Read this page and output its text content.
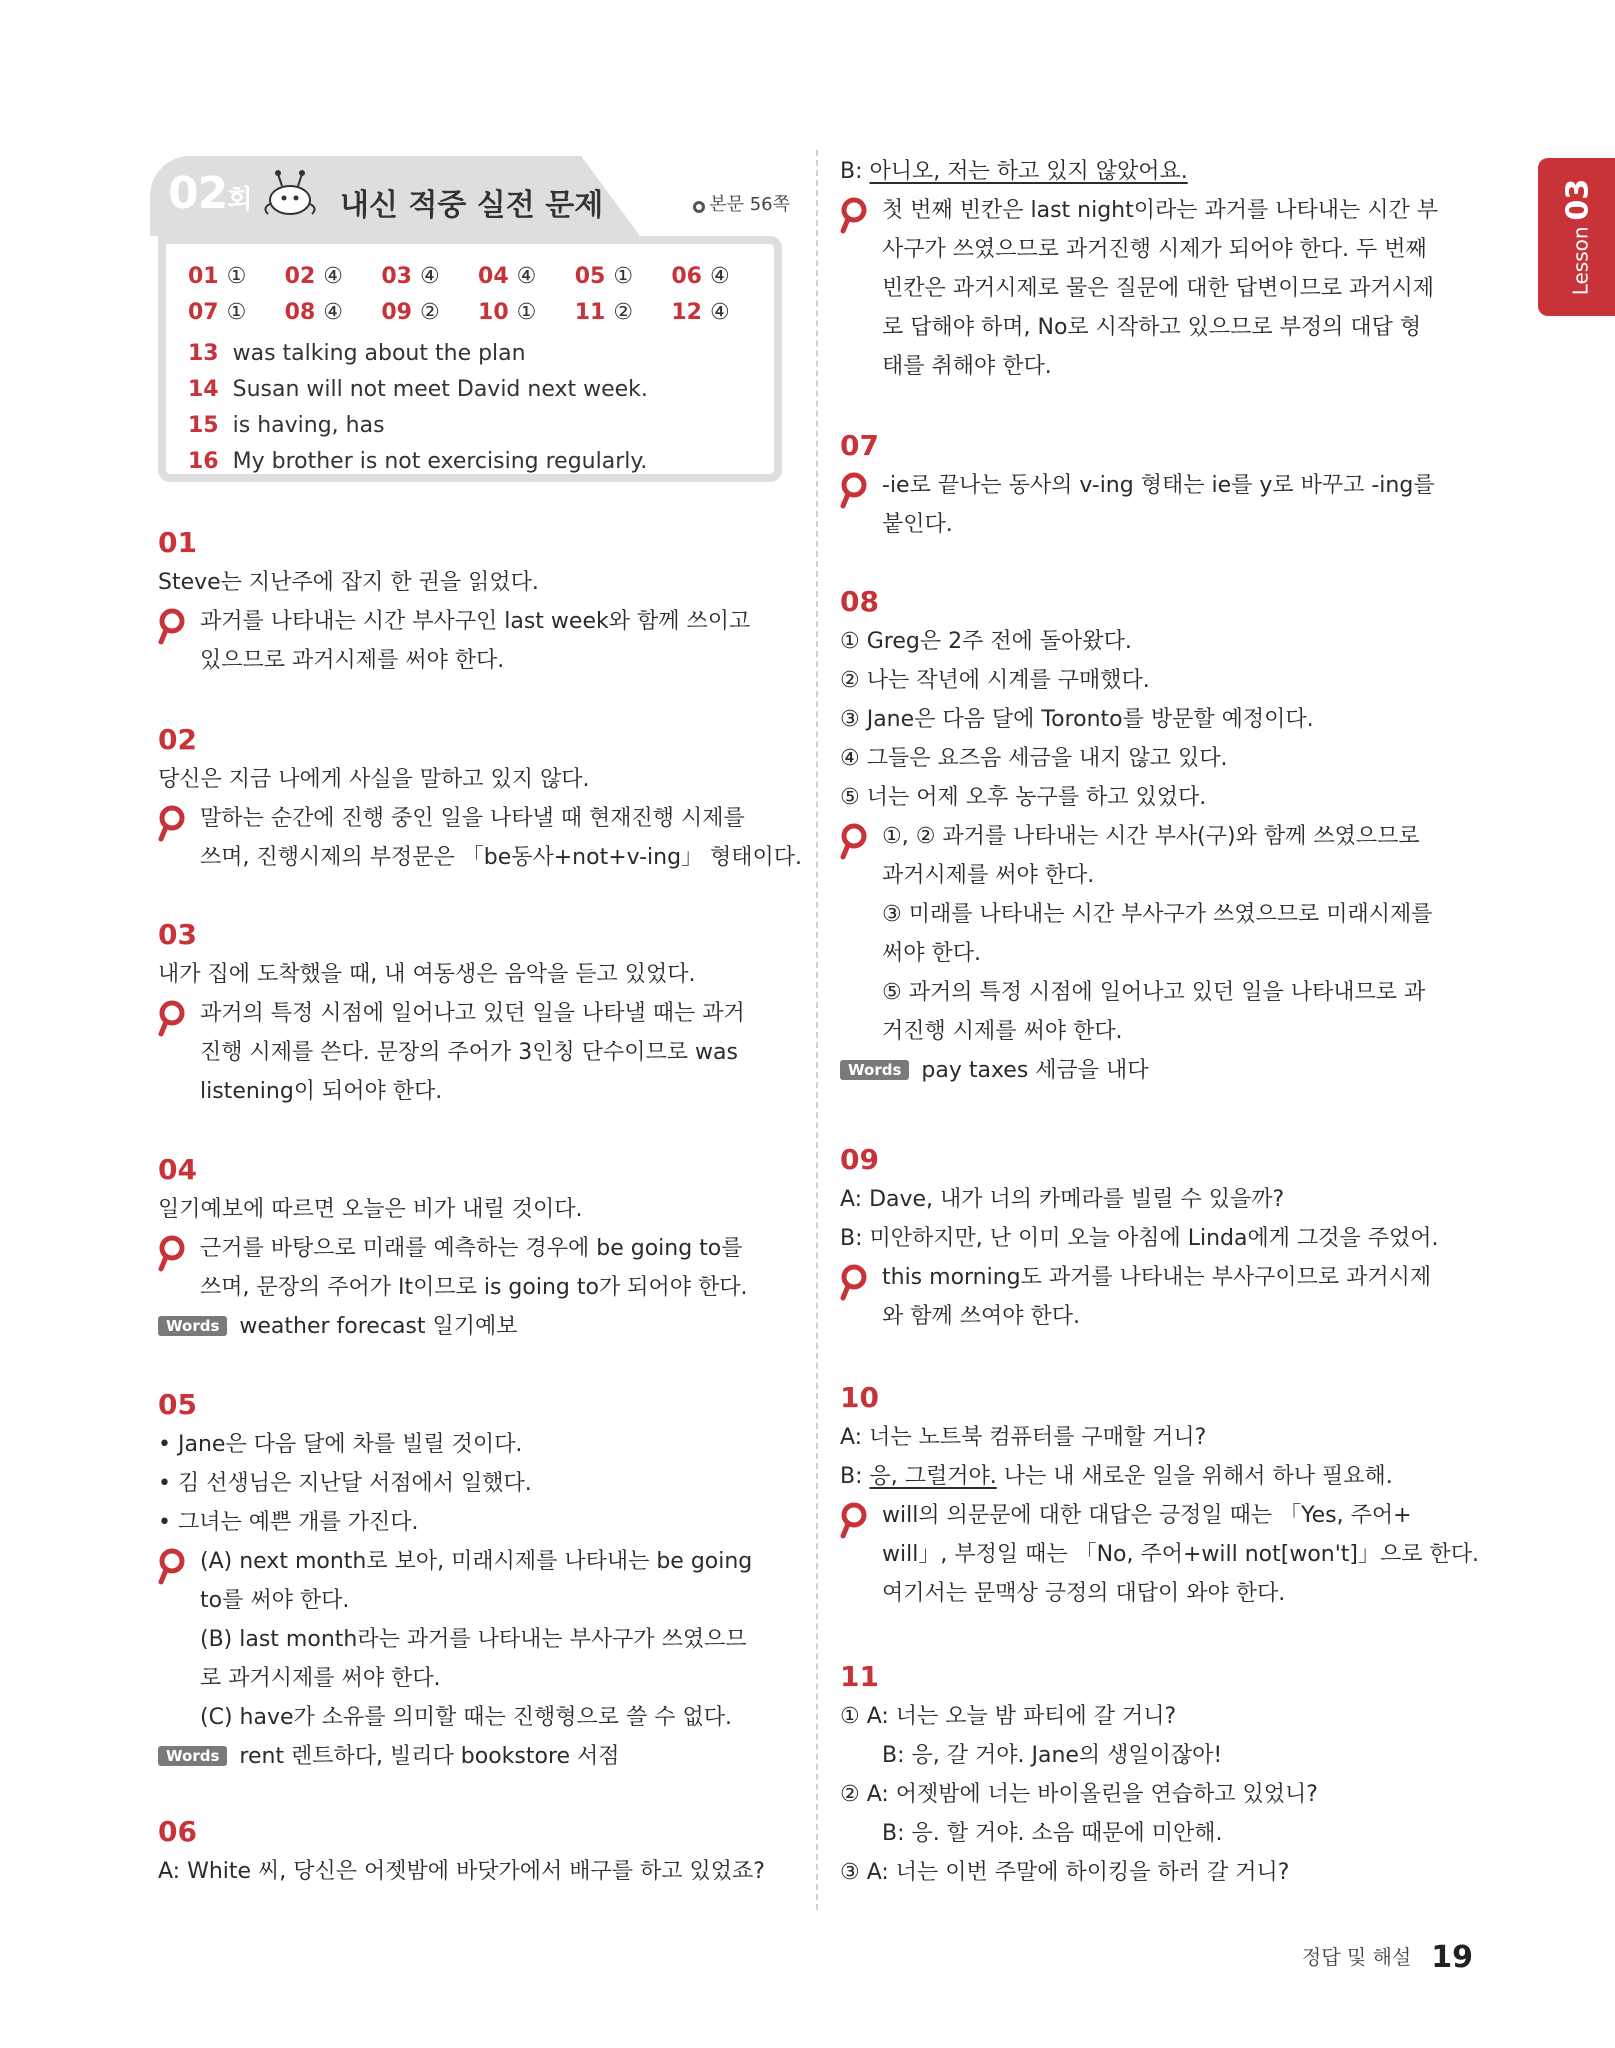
02회	내신 적중 실전 문제	본문 56쪽
01 ①	02 ④	03 ④	04 ④	05 ①	06 ④
07 ①	08 ④	09 ②	10 ①	11 ②	12 ④
13 was talking about the plan
14 Susan will not meet David next week.
15 is having, has
16 My brother is not exercising regularly.
01
Steve는 지난주에 잡지 한 권을 읽었다.
과거를 나타내는 시간 부사구인 last week와 함께 쓰이고
있으므로 과거시제를 써야 한다.
02
당신은 지금 나에게 사실을 말하고 있지 않다.
말하는 순간에 진행 중인 일을 나타낼 때 현재진행 시제를
쓰며, 진행시제의 부정문은 「be동사+not+v-ing」 형태이다.
03
내가 집에 도착했을 때, 내 여동생은 음악을 듣고 있었다.
과거의 특정 시점에 일어나고 있던 일을 나타낼 때는 과거
진행 시제를 쓴다. 문장의 주어가 3인칭 단수이므로 was
listening이 되어야 한다.
04
일기예보에 따르면 오늘은 비가 내릴 것이다.
근거를 바탕으로 미래를 예측하는 경우에 be going to를
쓰며, 문장의 주어가 It이므로 is going to가 되어야 한다.
Words weather forecast 일기예보
05
• Jane은 다음 달에 차를 빌릴 것이다.
• 김 선생님은 지난달 서점에서 일했다.
• 그녀는 예쁜 개를 가진다.
(A) next month로 보아, 미래시제를 나타내는 be going
to를 써야 한다.
(B) last month라는 과거를 나타내는 부사구가 쓰였으므
로 과거시제를 써야 한다.
(C) have가 소유를 의미할 때는 진행형으로 쓸 수 없다.
Words rent 렌트하다, 빌리다 bookstore 서점
06
A: White 씨, 당신은 어젯밤에 바닷가에서 배구를 하고 있었죠?
B: 아니오, 저는 하고 있지 않았어요.
첫 번째 빈칸은 last night이라는 과거를 나타내는 시간 부
사구가 쓰였으므로 과거진행 시제가 되어야 한다. 두 번째
빈칸은 과거시제로 물은 질문에 대한 답변이므로 과거시제
로 답해야 하며, No로 시작하고 있으므로 부정의 대답 형
태를 취해야 한다.
07
-ie로 끝나는 동사의 v-ing 형태는 ie를 y로 바꾸고 -ing를
붙인다.
08
① Greg은 2주 전에 돌아왔다.
② 나는 작년에 시계를 구매했다.
③ Jane은 다음 달에 Toronto를 방문할 예정이다.
④ 그들은 요즈음 세금을 내지 않고 있다.
⑤ 너는 어제 오후 농구를 하고 있었다.
①, ② 과거를 나타내는 시간 부사(구)와 함께 쓰였으므로
과거시제를 써야 한다.
③ 미래를 나타내는 시간 부사구가 쓰였으므로 미래시제를
써야 한다.
⑤ 과거의 특정 시점에 일어나고 있던 일을 나타내므로 과
거진행 시제를 써야 한다.
Words pay taxes 세금을 내다
09
A: Dave, 내가 너의 카메라를 빌릴 수 있을까?
B: 미안하지만, 난 이미 오늘 아침에 Linda에게 그것을 주었어.
this morning도 과거를 나타내는 부사구이므로 과거시제
와 함께 쓰여야 한다.
10
A: 너는 노트북 컴퓨터를 구매할 거니?
B: 응, 그럴거야. 나는 내 새로운 일을 위해서 하나 필요해.
will의 의문문에 대한 대답은 긍정일 때는 「Yes, 주어+
will」, 부정일 때는 「No, 주어+will not[won't]」으로 한다.
여기서는 문맥상 긍정의 대답이 와야 한다.
11
① A: 너는 오늘 밤 파티에 갈 거니?
B: 응, 갈 거야. Jane의 생일이잖아!
② A: 어젯밤에 너는 바이올린을 연습하고 있었니?
B: 응. 할 거야. 소음 때문에 미안해.
③ A: 너는 이번 주말에 하이킹을 하러 갈 거니?
Lesson03
정답 및 해설 19
